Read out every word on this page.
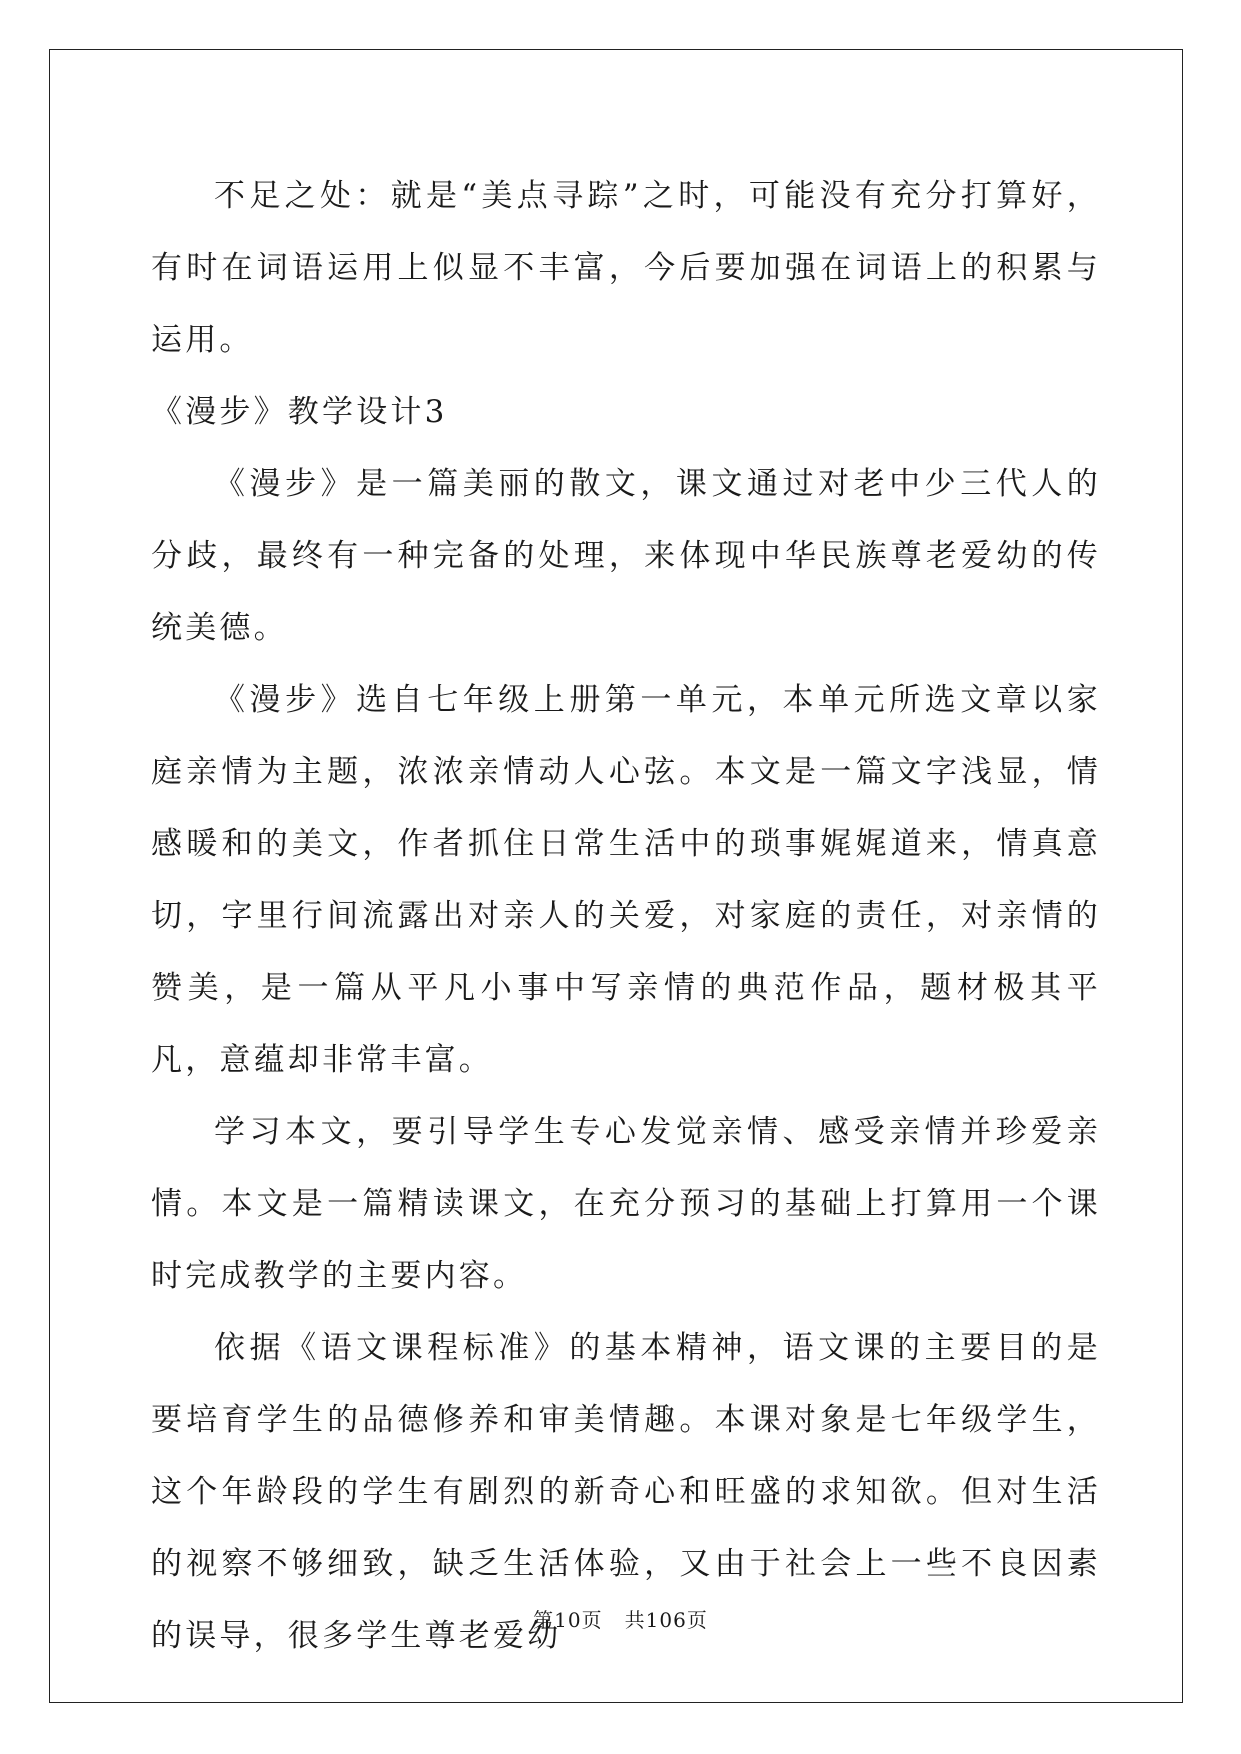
不足之处：就是“美点寻踪”之时，可能没有充分打算好，有时在词语运用上似显不丰富，今后要加强在词语上的积累与运用。

《漫步》教学设计3

《漫步》是一篇美丽的散文，课文通过对老中少三代人的分歧，最终有一种完备的处理，来体现中华民族尊老爱幼的传统美德。

《漫步》选自七年级上册第一单元，本单元所选文章以家庭亲情为主题，浓浓亲情动人心弦。本文是一篇文字浅显，情感暖和的美文，作者抓住日常生活中的琐事娓娓道来，情真意切，字里行间流露出对亲人的关爱，对家庭的责任，对亲情的赞美，是一篇从平凡小事中写亲情的典范作品，题材极其平凡，意蕴却非常丰富。

学习本文，要引导学生专心发觉亲情、感受亲情并珍爱亲情。本文是一篇精读课文，在充分预习的基础上打算用一个课时完成教学的主要内容。

依据《语文课程标准》的基本精神，语文课的主要目的是要培育学生的品德修养和审美情趣。本课对象是七年级学生，这个年龄段的学生有剧烈的新奇心和旺盛的求知欲。但对生活的视察不够细致，缺乏生活体验，又由于社会上一些不良因素的误导，很多学生尊老爱幼

第10页 共106页
